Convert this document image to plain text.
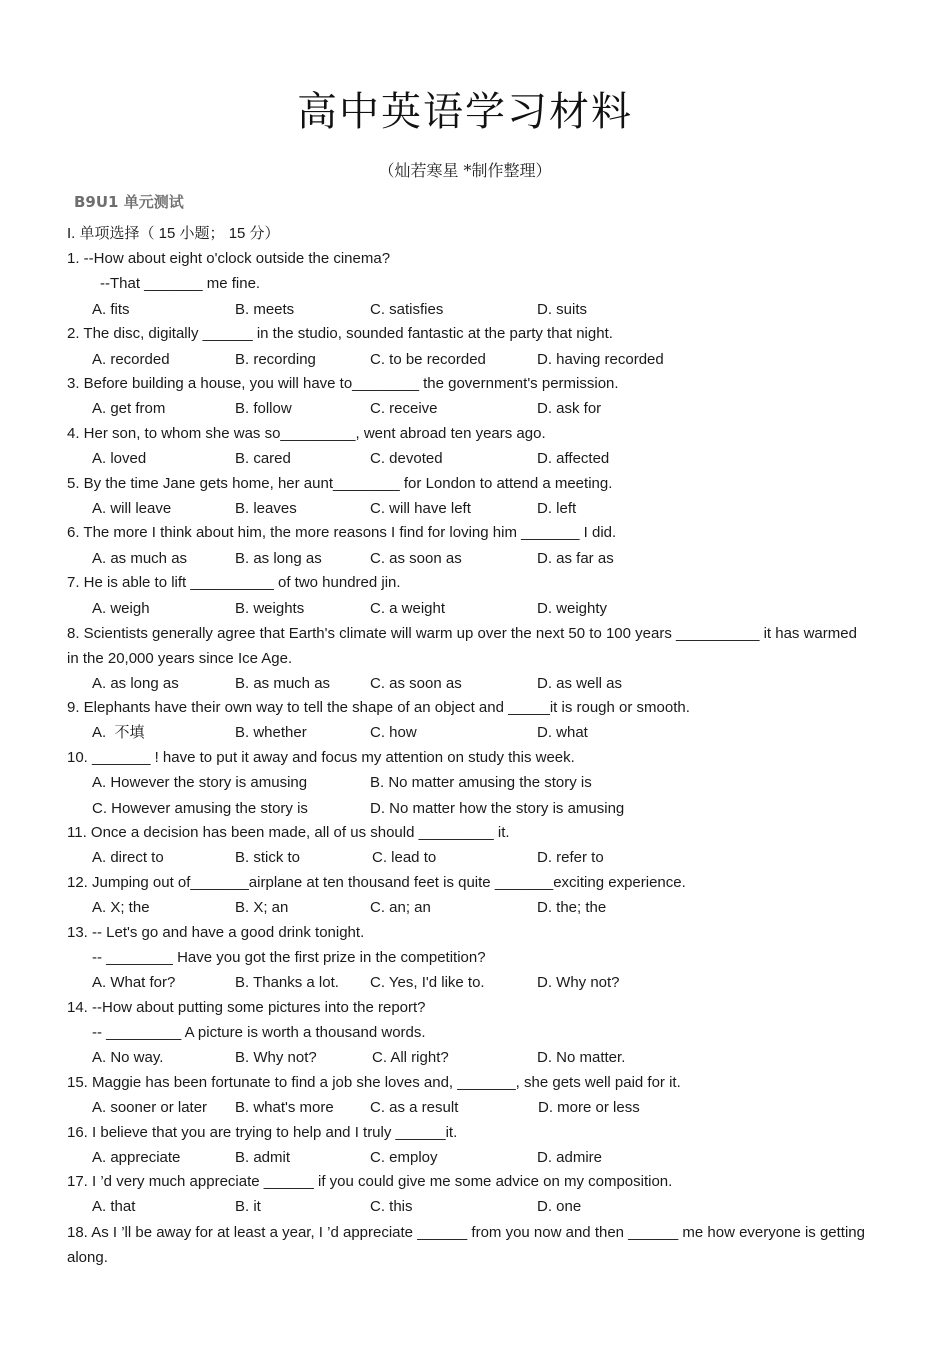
高中英语学习材料
（灿若寒星 *制作整理）
B9U1 单元测试
I. 单项选择（ 15 小题； 15 分）
1. --How about eight o'clock outside the cinema?
--That _______ me fine.
A. fits	B. meets	C. satisfies	D. suits
2. The disc, digitally ______ in the studio, sounded fantastic at the party that night.
A. recorded	B. recording	C. to be recorded	D. having recorded
3. Before building a house, you will have to________ the government's permission.
A. get from	B. follow	C. receive	D. ask for
4. Her son, to whom she was so_________, went abroad ten years ago.
A. loved	B. cared	C. devoted	D. affected
5. By the time Jane gets home, her aunt________ for London to attend a meeting.
A. will leave	B. leaves	C. will have left	D. left
6. The more I think about him, the more reasons I find for loving him _______ I did.
A. as much as	B. as long as	C. as soon as	D. as far as
7. He is able to lift __________ of two hundred jin.
A. weigh	B. weights	C. a weight	D. weighty
8. Scientists generally agree that Earth's climate will warm up over the next 50 to 100 years __________ it has warmed in the 20,000 years since Ice Age.
A. as long as	B. as much as	C. as soon as	D. as well as
9. Elephants have their own way to tell the shape of an object and _____it is rough or smooth.
A.  不填	B. whether	C. how	D. what
10. _______ ! have to put it away and focus my attention on study this week.
A. However the story is amusing	B. No matter amusing the story is
C. However amusing the story is	D. No matter how the story is amusing
11. Once a decision has been made, all of us should _________ it.
A. direct to	B. stick to	C. lead to	D. refer to
12. Jumping out of_______airplane at ten thousand feet is quite _______exciting experience.
A. X; the	B. X; an	C. an; an	D. the; the
13. -- Let's go and have a good drink tonight.
-- ________ Have you got the first prize in the competition?
A. What for?	B. Thanks a lot. C. Yes, I'd like to.	D. Why not?
14. --How about putting some pictures into the report?
-- _________ A picture is worth a thousand words.
A. No way.	B. Why not?	C. All right?	D. No matter.
15. Maggie has been fortunate to find a job she loves and, _______, she gets well paid for it.
A. sooner or later B. what's more C. as a result	D. more or less
16. I believe that you are trying to help and I truly ______it.
A. appreciate	B. admit	C. employ	D. admire
17. I ’d very much appreciate ______ if you could give me some advice on my composition.
A. that	B. it	C. this	D. one
18. As I ’ll be away for at least a year, I ’d appreciate ______ from you now and then ______ me how everyone is getting along.
